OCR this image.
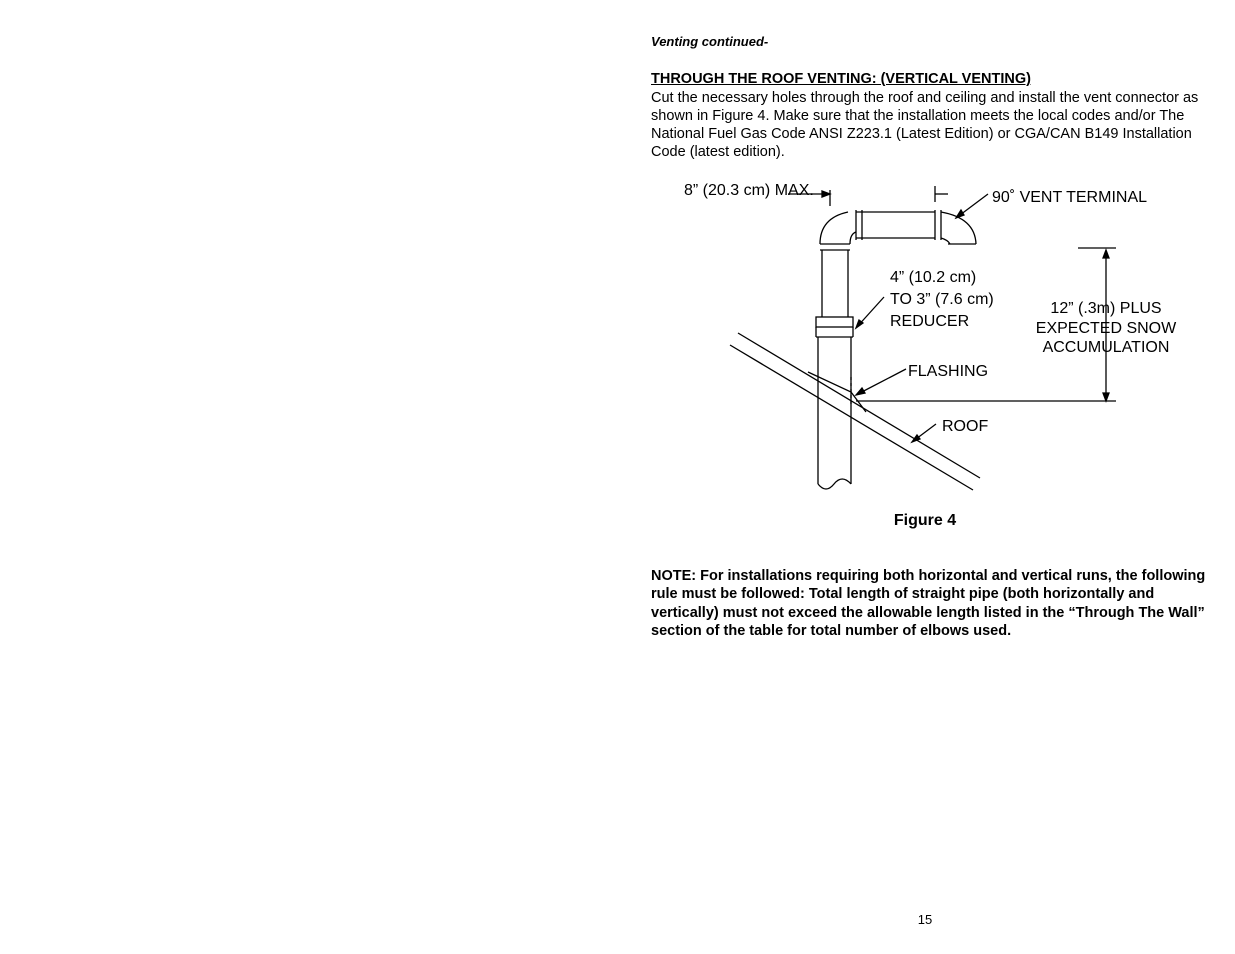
Venting continued-
THROUGH THE ROOF VENTING: (VERTICAL VENTING)
Cut the necessary holes through the roof and ceiling and install the vent connector as shown in Figure 4. Make sure that the installation meets the local codes and/or The National Fuel Gas Code ANSI Z223.1 (Latest Edition) or CGA/CAN B149 Installation Code (latest edition).
8” (20.3 cm) MAX.	90˚ VENT TERMINAL
4” (10.2 cm)
TO 3” (7.6 cm)
REDUCER
12” (.3m) PLUS
EXPECTED SNOW
ACCUMULATION
FLASHING
ROOF
Figure 4
NOTE: For installations requiring both horizontal and vertical runs, the following rule must be followed: Total length of straight pipe (both horizontally and vertically) must not exceed the allowable length listed in the “Through The Wall” section of the table for total number of elbows used.
15
